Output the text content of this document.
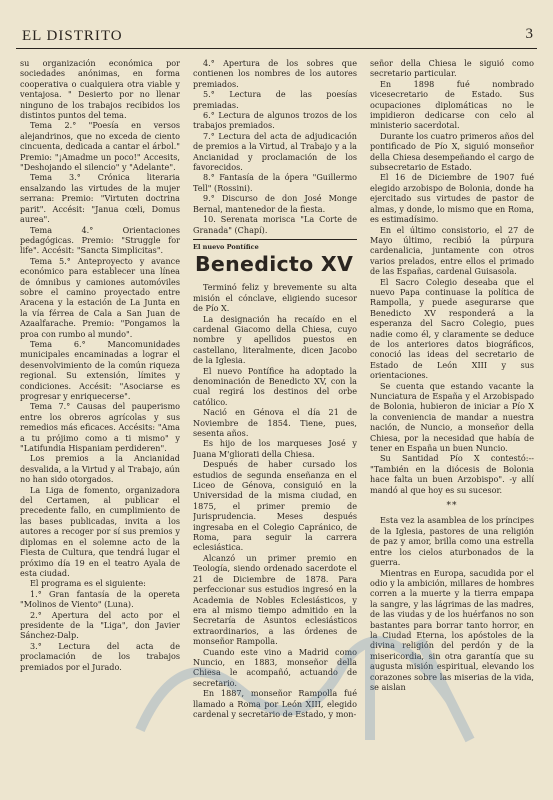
EL DISTRITO	3

su organización económica por sociedades anónimas, en forma cooperativa o cualquiera otra viable y ventajosa. " Desierto por no llenar ninguno de los trabajos recibidos los distintos puntos del tema.

Tema 2.° "Poesía en versos alejandrinos, que no exceda de ciento cincuenta, dedicada a cantar el árbol." Premio: "¡Amadme un poco!" Accesits, "Deshojando el silencio" y "Adelante".

Tema 3.° Crónica literaria ensalzando las virtudes de la mujer serrana: Premio: "Virtuten doctrina parit". Accésit: "Janua cœli, Domus aurea".

Tema 4.° Orientaciones pedagógicas. Premio: "Struggle for life". Accésit: "Sancta Simplicitas".

Tema 5.° Anteproyecto y avance económico para establecer una línea de ómnibus y camiones automóviles sobre el camino proyectado entre Aracena y la estación de La Junta en la vía férrea de Cala a San Juan de Azaalfarache. Premio: "Pongamos la proa con rumbo al mundo".

Tema 6.° Mancomunidades municipales encaminadas a lograr el desenvolvimiento de la común riqueza regional. Su extensión, límites y condiciones. Accésit: "Asociarse es progresar y enriquecerse".

Tema 7.° Causas del pauperismo entre los obreros agrícolas y sus remedios más eficaces. Accésits: "Ama a tu prójimo como a ti mismo" y "Latifundia Hispaniam perdideren".

Los premios a la Ancianidad desvalida, a la Virtud y al Trabajo, aún no han sido otorgados.

La Liga de fomento, organizadora del Certamen, al publicar el precedente fallo, en cumplimiento de las bases publicadas, invita a los autores a recoger por sí sus premios y diplomas en el solemne acto de la Fiesta de Cultura, que tendrá lugar el próximo día 19 en el teatro Ayala de esta ciudad.

El programa es el siguiente:

1.° Gran fantasía de la opereta "Molinos de Viento" (Luna).

2.° Apertura del acto por el presidente de la "Liga", don Javier Sánchez-Dalp.

3.° Lectura del acta de proclamación de los trabajos premiados por el Jurado.

4.° Apertura de los sobres que contienen los nombres de los autores premiados.

5.° Lectura de las poesías premiadas.

6.° Lectura de algunos trozos de los trabajos premiados.

7.° Lectura del acta de adjudicación de premios a la Virtud, al Trabajo y a la Ancianidad y proclamación de los favorecidos.

8.° Fantasía de la ópera "Guillermo Tell" (Rossini).

9.° Discurso de don José Monge Bernal, mantenedor de la fiesta.

10. Serenata morisca "La Corte de Granada" (Chapí).

El nuevo Pontífice

Benedicto XV

Terminó feliz y brevemente su alta misión el cónclave, eligiendo sucesor de Pío X.

La designación ha recaído en el cardenal Giacomo della Chiesa, cuyo nombre y apellidos puestos en castellano, literalmente, dicen Jacobo de la Iglesia.

El nuevo Pontífice ha adoptado la denominación de Benedicto XV, con la cual regirá los destinos del orbe católico.

Nació en Génova el día 21 de Noviembre de 1854. Tiene, pues, sesenta años.

Es hijo de los marqueses José y Juana M'gliorati della Chiesa.

Después de haber cursado los estudios de segunda enseñanza en el Liceo de Génova, consiguió en la Universidad de la misma ciudad, en 1875, el primer premio de Jurisprudencia. Meses después ingresaba en el Colegio Capránico, de Roma, para seguir la carrera eclesiástica.

Alcanzó un primer premio en Teología, siendo ordenado sacerdote el 21 de Diciembre de 1878. Para perfeccionar sus estudios ingresó en la Academia de Nobles Eclesiásticos, y era al mismo tiempo admitido en la Secretaría de Asuntos eclesiásticos extraordinarios, a las órdenes de monseñor Rampolla.

Cuando este vino a Madrid como Nuncio, en 1883, monseñor della Chiesa le acompañó, actuando de secretario.

En 1887, monseñor Rampolla fué llamado a Roma por León XIII, elegido cardenal y secretario de Estado, y mon-

señor della Chiesa le siguió como secretario particular.

En 1898 fué nombrado vicesecretario de Estado. Sus ocupaciones diplomáticas no le impidieron dedicarse con celo al ministerio sacerdotal.

Durante los cuatro primeros años del pontificado de Pío X, siguió monseñor della Chiesa desempeñando el cargo de subsecretario de Estado.

El 16 de Diciembre de 1907 fué elegido arzobispo de Bolonia, donde ha ejercitado sus virtudes de pastor de almas, y donde, lo mismo que en Roma, es estimadísimo.

En el último consistorio, el 27 de Mayo último, recibió la púrpura cardenalicia, juntamente con otros varios prelados, entre ellos el primado de las Españas, cardenal Guisasola.

El Sacro Colegio deseaba que el nuevo Papa continuase la política de Rampolla, y puede asegurarse que Benedicto XV responderá a la esperanza del Sacro Colegio, pues nadie como él, y claramente se deduce de los anteriores datos biográficos, conoció las ideas del secretario de Estado de León XIII y sus orientaciones.

Se cuenta que estando vacante la Nunciatura de España y el Arzobispado de Bolonia, hubieron de iniciar a Pío X la conveniencia de mandar a nuestra nación, de Nuncio, a monseñor della Chiesa, por la necesidad que había de tener en España un buen Nuncio.

Su Santidad Pío X contestó:--"También en la diócesis de Bolonia hace falta un buen Arzobispo". -y allí mandó al que hoy es su sucesor.

**

Esta vez la asamblea de los príncipes de la Iglesia, pastores de una religión de paz y amor, brilla como una estrella entre los cielos aturbonados de la guerra.

Mientras en Europa, sacudida por el odio y la ambición, millares de hombres corren a la muerte y la tierra empapa la sangre, y las lágrimas de las madres, de las viudas y de los huérfanos no son bastantes para borrar tanto horror, en la Ciudad Eterna, los apóstoles de la divina religión del perdón y de la misericordia, sin otra garantía que su augusta misión espiritual, elevando los corazones sobre las miserias de la vida, se aislan
